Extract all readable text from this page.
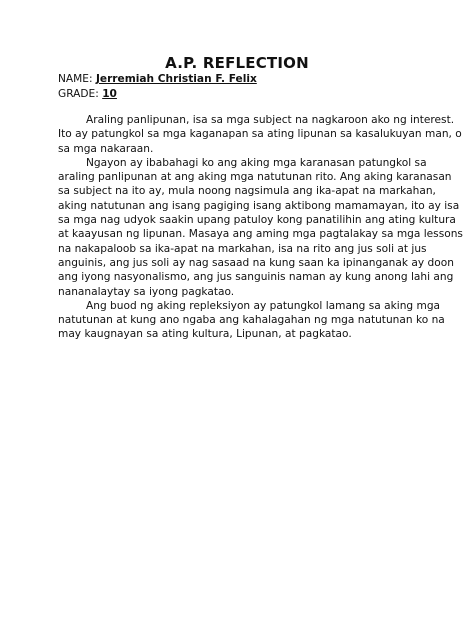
A.P. REFLECTION

NAME: Jerremiah Christian F. Felix

GRADE: 10

Araling panlipunan, isa sa mga subject na nagkaroon ako ng interest.
Ito ay patungkol sa mga kaganapan sa ating lipunan sa kasalukuyan man, o
sa mga nakaraan.

Ngayon ay ibabahagi ko ang aking mga karanasan patungkol sa
araling panlipunan at ang aking mga natutunan rito. Ang aking karanasan
sa subject na ito ay, mula noong nagsimula ang ika-apat na markahan,
aking natutunan ang isang pagiging isang aktibong mamamayan, ito ay isa
sa mga nag udyok saakin upang patuloy kong panatilihin ang ating kultura
at kaayusan ng lipunan. Masaya ang aming mga pagtalakay sa mga lessons
na nakapaloob sa ika-apat na markahan, isa na rito ang jus soli at jus
anguinis, ang jus soli ay nag sasaad na kung saan ka ipinanganak ay doon
ang iyong nasyonalismo, ang jus sanguinis naman ay kung anong lahi ang
nananalaytay sa iyong pagkatao.

Ang buod ng aking repleksiyon ay patungkol lamang sa aking mga
natutunan at kung ano ngaba ang kahalagahan ng mga natutunan ko na
may kaugnayan sa ating kultura, Lipunan, at pagkatao.
